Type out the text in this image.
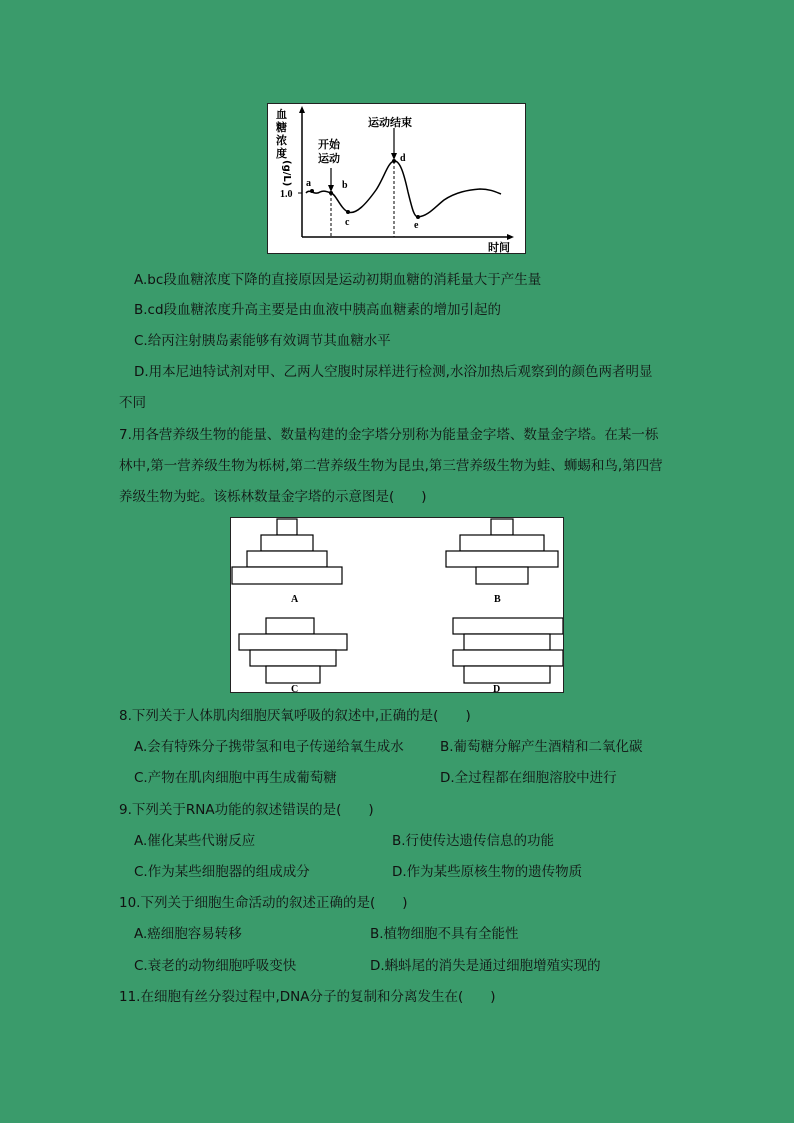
血糖浓度
(g/L)
时间
1.0
开始
运动
运动结束
a	b
c
d
e
A.bc段血糖浓度下降的直接原因是运动初期血糖的消耗量大于产生量
B.cd段血糖浓度升高主要是由血液中胰高血糖素的增加引起的
C.给丙注射胰岛素能够有效调节其血糖水平
D.用本尼迪特试剂对甲、乙两人空腹时尿样进行检测,水浴加热后观察到的颜色两者明显
不同
7.用各营养级生物的能量、数量构建的金字塔分别称为能量金字塔、数量金字塔。在某一栎
林中,第一营养级生物为栎树,第二营养级生物为昆虫,第三营养级生物为蛙、蛳蜴和鸟,第四营
养级生物为蛇。该栎林数量金字塔的示意图是(　　)
A	B
C	D
8.下列关于人体肌肉细胞厌氧呼吸的叙述中,正确的是(　　)
A.会有特殊分子携带氢和电子传递给氧生成水	B.葡萄糖分解产生酒精和二氧化碳
C.产物在肌肉细胞中再生成葡萄糖	D.全过程都在细胞溶胶中进行
9.下列关于RNA功能的叙述错误的是(　　)
A.催化某些代谢反应	B.行使传达遗传信息的功能
C.作为某些细胞器的组成成分	D.作为某些原核生物的遗传物质
10.下列关于细胞生命活动的叙述正确的是(　　)
A.癌细胞容易转移	B.植物细胞不具有全能性
C.衰老的动物细胞呼吸变快	D.蝌蚪尾的消失是通过细胞增殖实现的
11.在细胞有丝分裂过程中,DNA分子的复制和分离发生在(　　)
